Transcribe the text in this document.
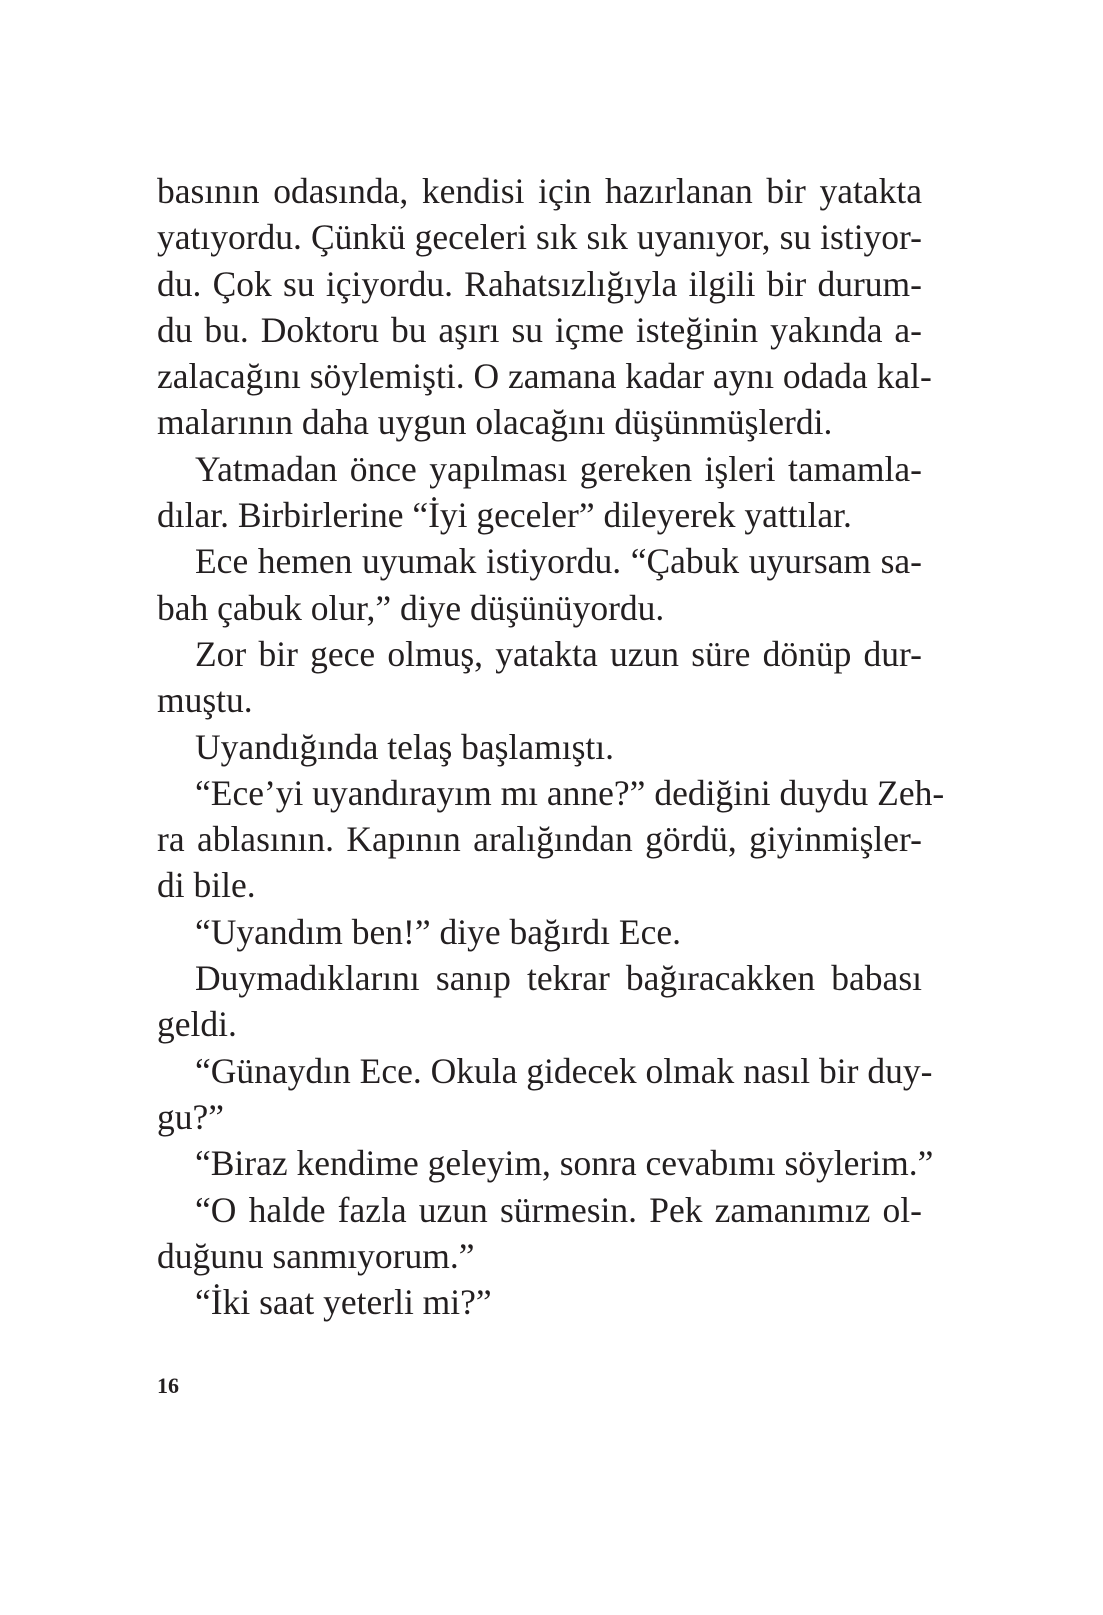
basının odasında, kendisi için hazırlanan bir yatakta
yatıyordu. Çünkü geceleri sık sık uyanıyor, su istiyor-
du. Çok su içiyordu. Rahatsızlığıyla ilgili bir durum-
du bu. Doktoru bu aşırı su içme isteğinin yakında a-
zalacağını söylemişti. O zamana kadar aynı odada kal-
malarının daha uygun olacağını düşünmüşlerdi.
Yatmadan önce yapılması gereken işleri tamamla-
dılar. Birbirlerine “İyi geceler” dileyerek yattılar.
Ece hemen uyumak istiyordu. “Çabuk uyursam sa-
bah çabuk olur,” diye düşünüyordu.
Zor bir gece olmuş, yatakta uzun süre dönüp dur-
muştu.
Uyandığında telaş başlamıştı.
“Ece’yi uyandırayım mı anne?” dediğini duydu Zeh-
ra ablasının. Kapının aralığından gördü, giyinmişler-
di bile.
“Uyandım ben!” diye bağırdı Ece.
Duymadıklarını sanıp tekrar bağıracakken babası
geldi.
“Günaydın Ece. Okula gidecek olmak nasıl bir duy-
gu?”
“Biraz kendime geleyim, sonra cevabımı söylerim.”
“O halde fazla uzun sürmesin. Pek zamanımız ol-
duğunu sanmıyorum.”
“İki saat yeterli mi?”
16
